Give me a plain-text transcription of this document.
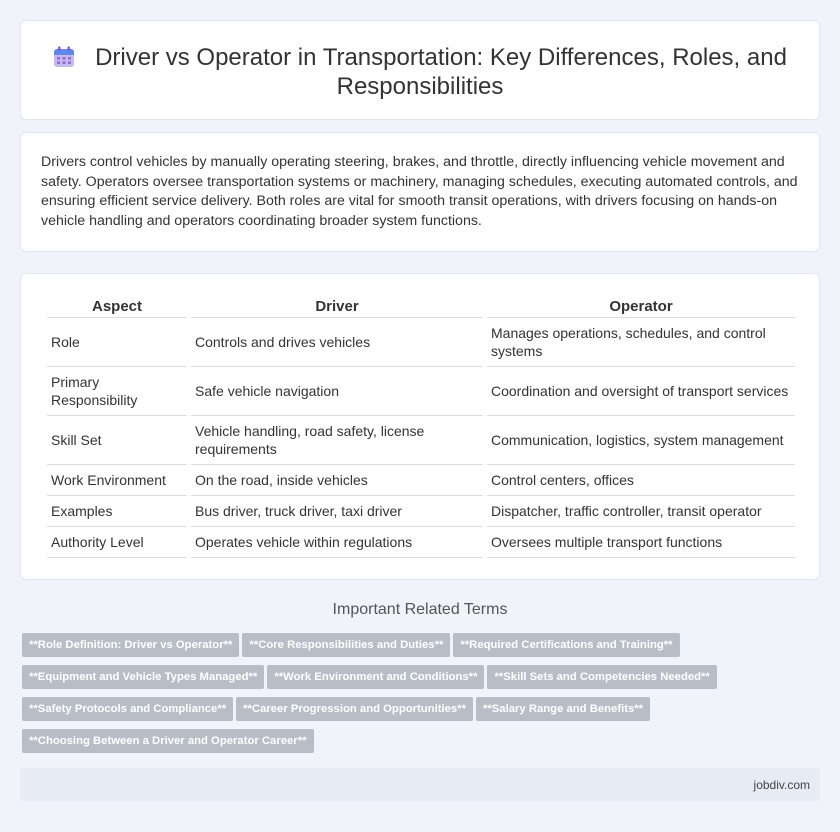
Driver vs Operator in Transportation: Key Differences, Roles, and Responsibilities

Drivers control vehicles by manually operating steering, brakes, and throttle, directly influencing vehicle movement and safety. Operators oversee transportation systems or machinery, managing schedules, executing automated controls, and ensuring efficient service delivery. Both roles are vital for smooth transit operations, with drivers focusing on hands-on vehicle handling and operators coordinating broader system functions.

Aspect	Driver	Operator
Role	Controls and drives vehicles	Manages operations, schedules, and control systems
Primary Responsibility	Safe vehicle navigation	Coordination and oversight of transport services
Skill Set	Vehicle handling, road safety, license requirements	Communication, logistics, system management
Work Environment	On the road, inside vehicles	Control centers, offices
Examples	Bus driver, truck driver, taxi driver	Dispatcher, traffic controller, transit operator
Authority Level	Operates vehicle within regulations	Oversees multiple transport functions
Important Related Terms
**Role Definition: Driver vs Operator** **Core Responsibilities and Duties** **Required Certifications and Training**
**Equipment and Vehicle Types Managed** **Work Environment and Conditions** **Skill Sets and Competencies Needed**
**Safety Protocols and Compliance** **Career Progression and Opportunities** **Salary Range and Benefits**
**Choosing Between a Driver and Operator Career**
jobdiv.com
